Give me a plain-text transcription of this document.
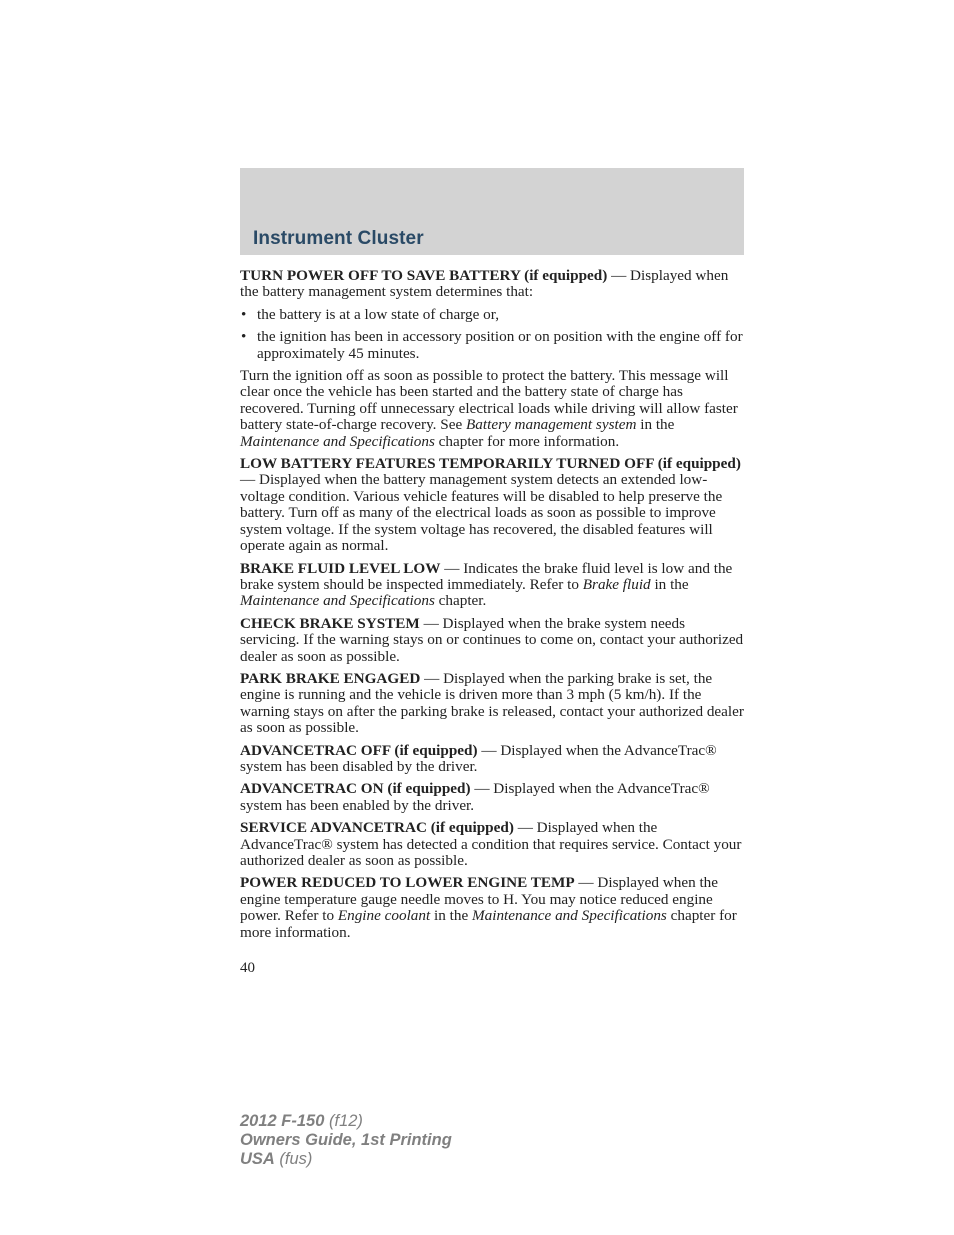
Instrument Cluster

TURN POWER OFF TO SAVE BATTERY (if equipped) — Displayed when the battery management system determines that:

• the battery is at a low state of charge or,
• the ignition has been in accessory position or on position with the engine off for approximately 45 minutes.

Turn the ignition off as soon as possible to protect the battery. This message will clear once the vehicle has been started and the battery state of charge has recovered. Turning off unnecessary electrical loads while driving will allow faster battery state-of-charge recovery. See Battery management system in the Maintenance and Specifications chapter for more information.

LOW BATTERY FEATURES TEMPORARILY TURNED OFF (if equipped) — Displayed when the battery management system detects an extended low-voltage condition. Various vehicle features will be disabled to help preserve the battery. Turn off as many of the electrical loads as soon as possible to improve system voltage. If the system voltage has recovered, the disabled features will operate again as normal.

BRAKE FLUID LEVEL LOW — Indicates the brake fluid level is low and the brake system should be inspected immediately. Refer to Brake fluid in the Maintenance and Specifications chapter.

CHECK BRAKE SYSTEM — Displayed when the brake system needs servicing. If the warning stays on or continues to come on, contact your authorized dealer as soon as possible.

PARK BRAKE ENGAGED — Displayed when the parking brake is set, the engine is running and the vehicle is driven more than 3 mph (5 km/h). If the warning stays on after the parking brake is released, contact your authorized dealer as soon as possible.

ADVANCETRAC OFF (if equipped) — Displayed when the AdvanceTrac® system has been disabled by the driver.

ADVANCETRAC ON (if equipped) — Displayed when the AdvanceTrac® system has been enabled by the driver.

SERVICE ADVANCETRAC (if equipped) — Displayed when the AdvanceTrac® system has detected a condition that requires service. Contact your authorized dealer as soon as possible.

POWER REDUCED TO LOWER ENGINE TEMP — Displayed when the engine temperature gauge needle moves to H. You may notice reduced engine power. Refer to Engine coolant in the Maintenance and Specifications chapter for more information.

40
2012 F-150 (f12)
Owners Guide, 1st Printing
USA (fus)
